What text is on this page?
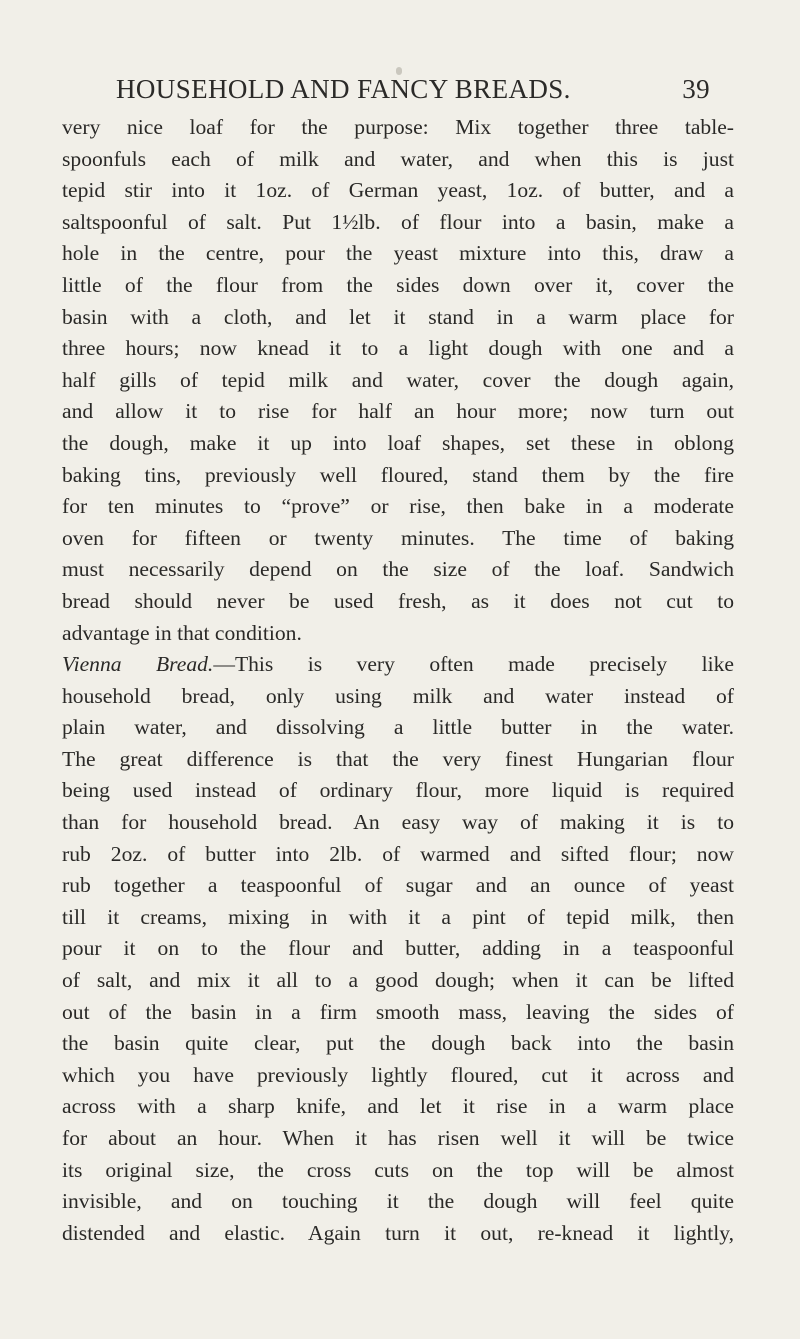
HOUSEHOLD AND FANCY BREADS.	39
very nice loaf for the purpose: Mix together three table-
spoonfuls each of milk and water, and when this is just
tepid stir into it 1oz. of German yeast, 1oz. of butter, and a
saltspoonful of salt. Put 1½lb. of flour into a basin, make a
hole in the centre, pour the yeast mixture into this, draw a
little of the flour from the sides down over it, cover the
basin with a cloth, and let it stand in a warm place for
three hours; now knead it to a light dough with one and a
half gills of tepid milk and water, cover the dough again,
and allow it to rise for half an hour more; now turn out
the dough, make it up into loaf shapes, set these in oblong
baking tins, previously well floured, stand them by the fire
for ten minutes to “prove” or rise, then bake in a moderate
oven for fifteen or twenty minutes. The time of baking
must necessarily depend on the size of the loaf. Sandwich
bread should never be used fresh, as it does not cut to
advantage in that condition.
Vienna Bread.—This is very often made precisely like
household bread, only using milk and water instead of
plain water, and dissolving a little butter in the water.
The great difference is that the very finest Hungarian flour
being used instead of ordinary flour, more liquid is required
than for household bread. An easy way of making it is to
rub 2oz. of butter into 2lb. of warmed and sifted flour; now
rub together a teaspoonful of sugar and an ounce of yeast
till it creams, mixing in with it a pint of tepid milk, then
pour it on to the flour and butter, adding in a teaspoonful
of salt, and mix it all to a good dough; when it can be lifted
out of the basin in a firm smooth mass, leaving the sides of
the basin quite clear, put the dough back into the basin
which you have previously lightly floured, cut it across and
across with a sharp knife, and let it rise in a warm place
for about an hour. When it has risen well it will be twice
its original size, the cross cuts on the top will be almost
invisible, and on touching it the dough will feel quite
distended and elastic. Again turn it out, re-knead it lightly,
